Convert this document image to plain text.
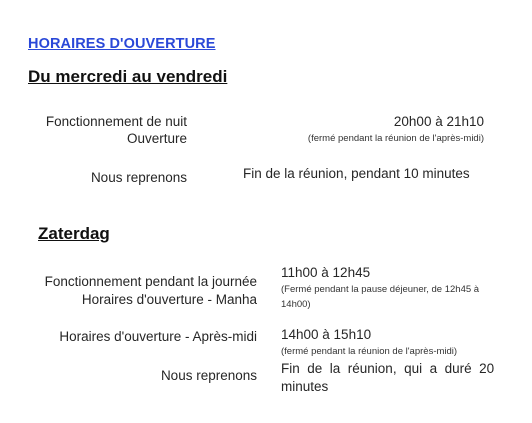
HORAIRES D'OUVERTURE
Du mercredi au vendredi
Fonctionnement de nuit
Ouverture
20h00 à 21h10
(fermé pendant la réunion de l'après-midi)
Nous reprenons	Fin de la réunion, pendant 10 minutes
Zaterdag
Fonctionnement pendant la journée
Horaires d'ouverture - Manha
11h00 à 12h45
(Fermé pendant la pause déjeuner, de 12h45 à
14h00)
Horaires d'ouverture - Après-midi 14h00 à 15h10
(fermé pendant la réunion de l'après-midi)
Nous reprenons Fin  de  la  réunion,  qui  a  duré  20
minutes
